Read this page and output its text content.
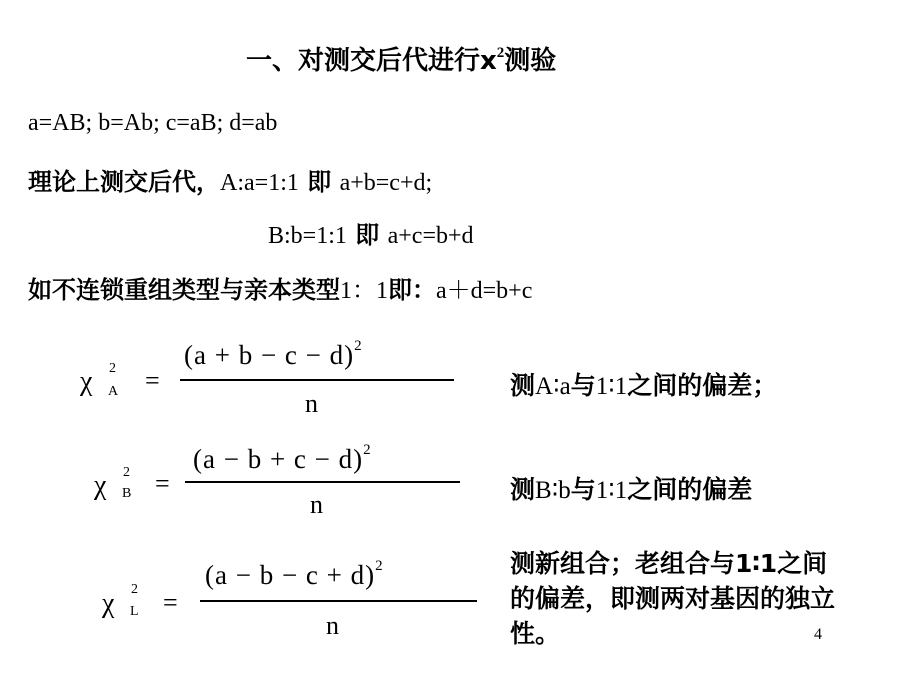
一、对测交后代进行$x^2$测验
a=AB; b=Ab; c=aB; d=ab
理论上测交后代，A:a=1:1 即 a+b=c+d;
B:b=1:1 即 a+c=b+d
如不连锁重组类型与亲本类型1：1即：a＋d=b+c
χ 2
A =
$(a + b - c - d)^2$
n
测A∶a与1∶1之间的偏差；
χ 2
B =
$(a - b + c - d)^2$
n
测B∶b与1∶1之间的偏差
χ 2
L =
$(a - b - c + d)^2$
n
测新组合；老组合与1∶1之间的偏差，即测两对基因的独立性。	4
